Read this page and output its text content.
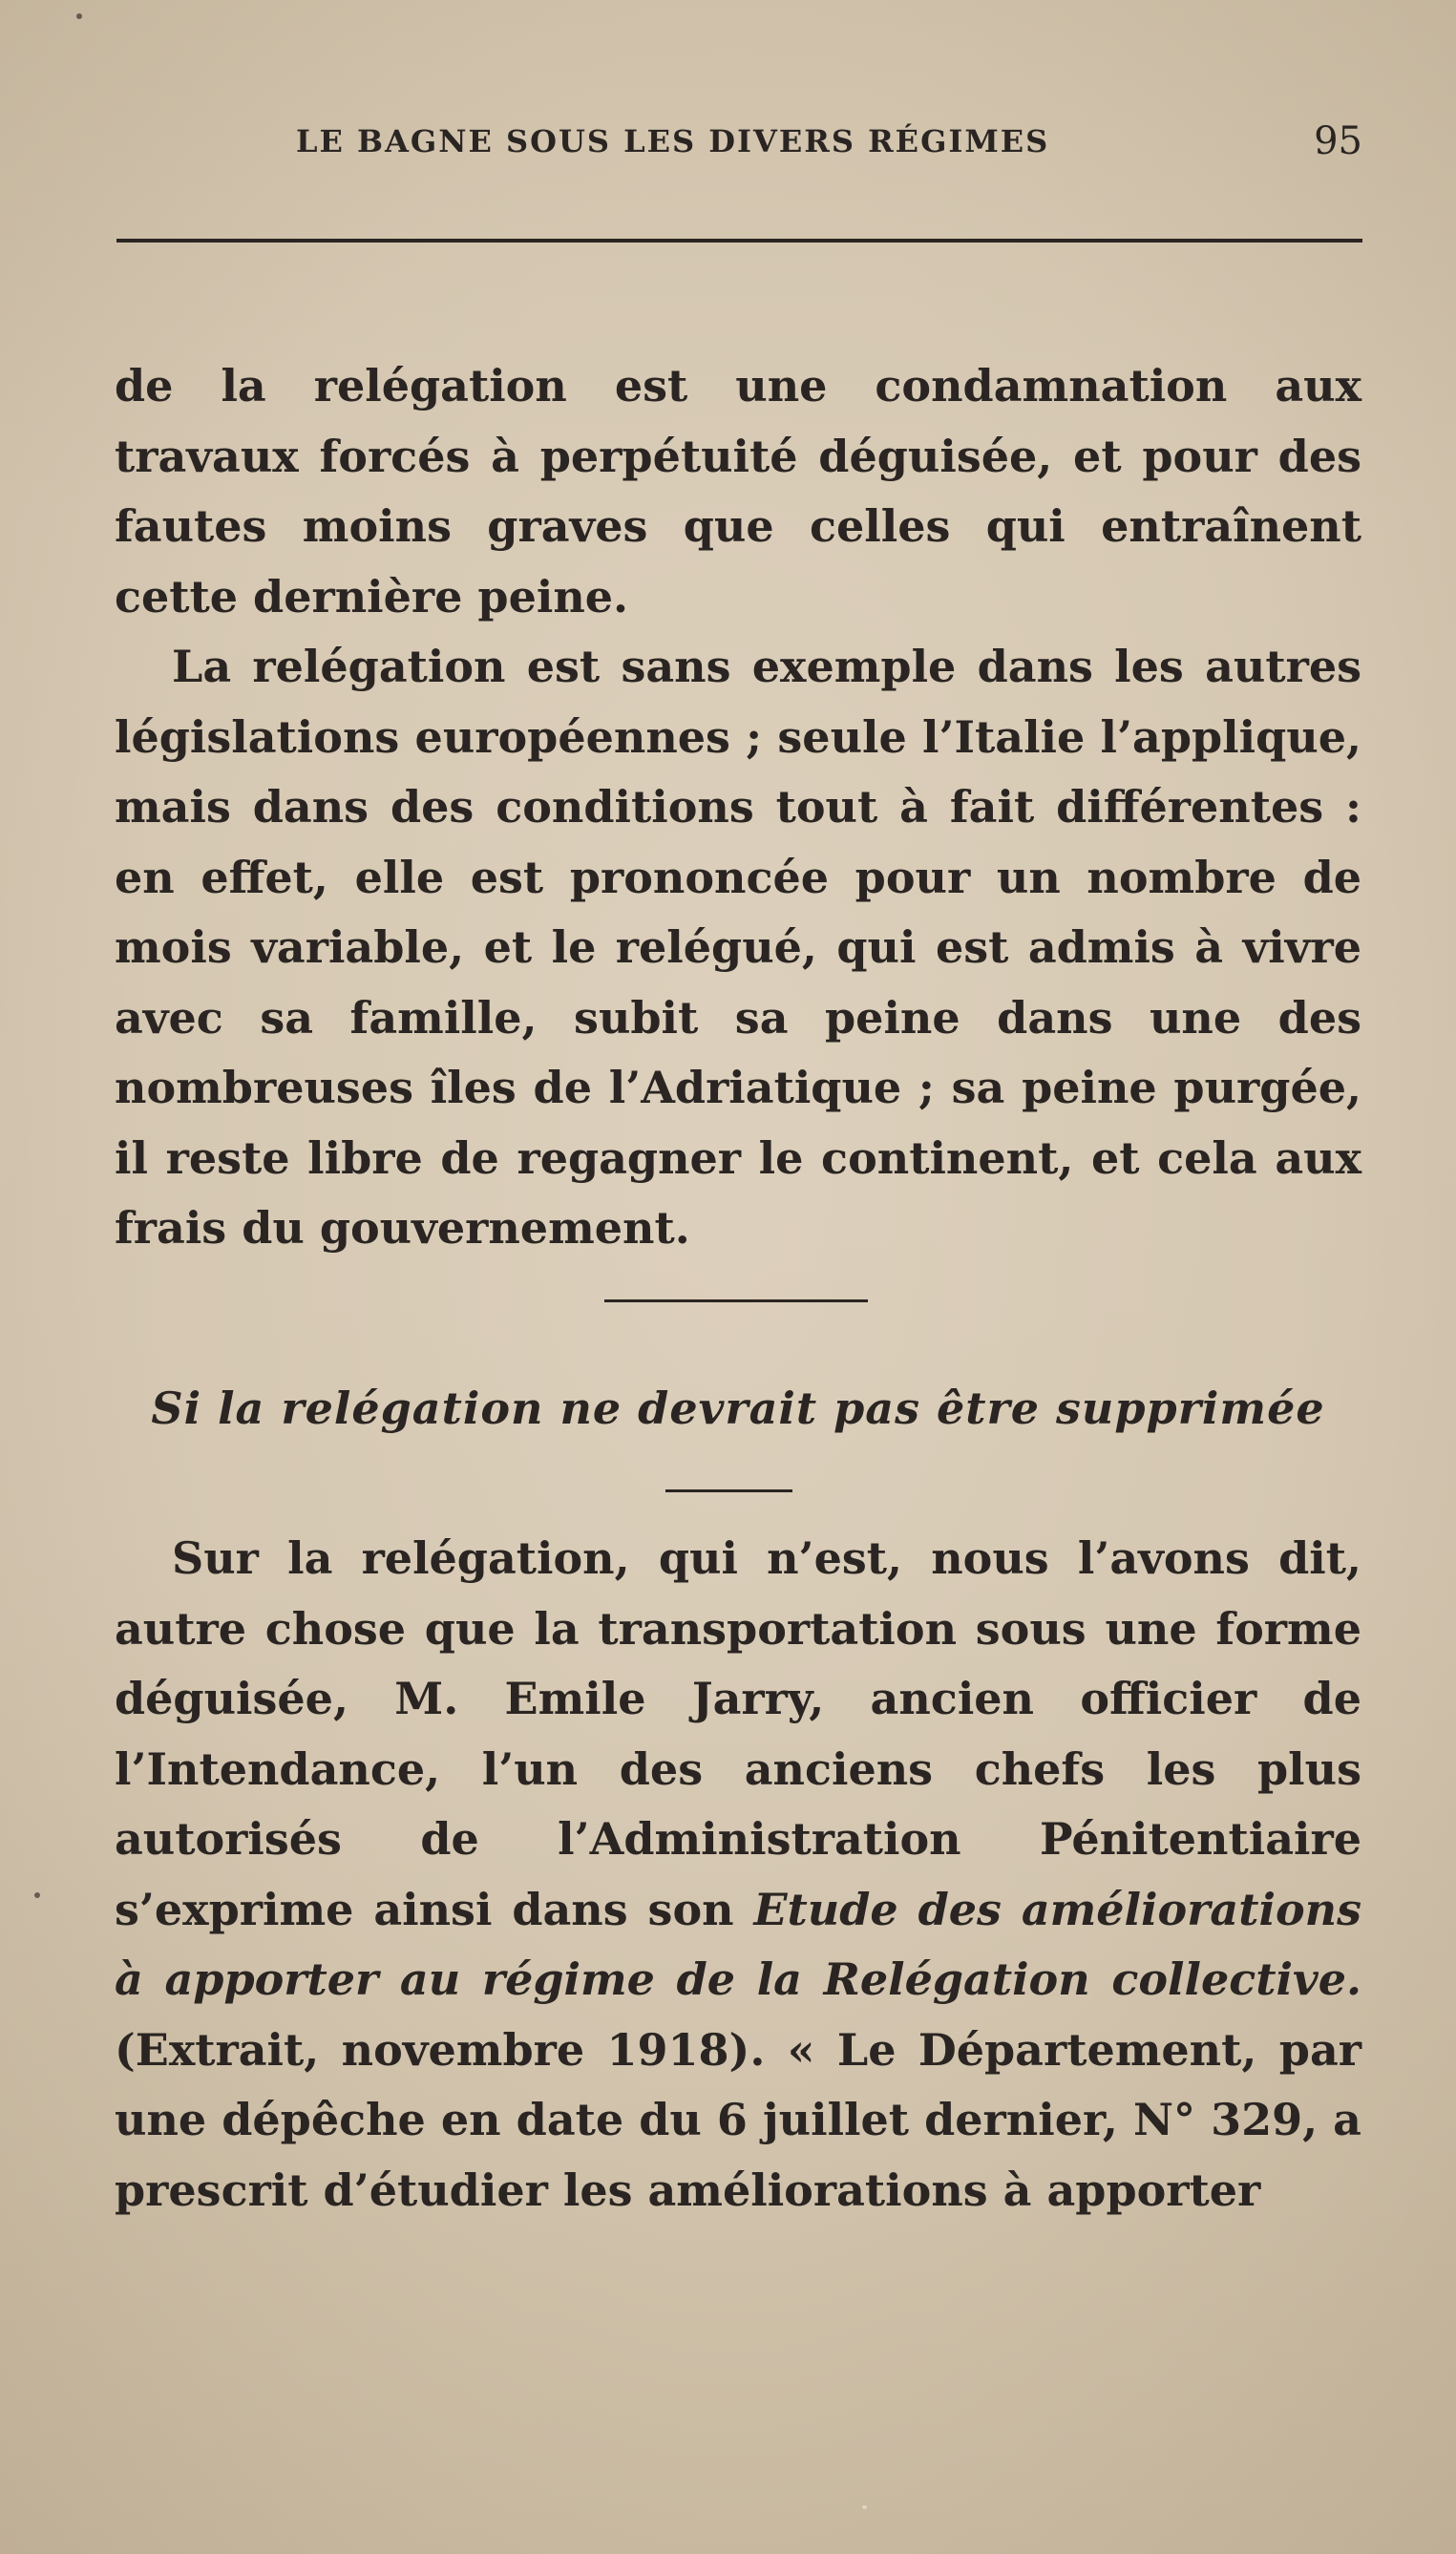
LE BAGNE SOUS LES DIVERS RÉGIMES	95

de la relégation est une condamnation aux travaux forcés à perpétuité déguisée, et pour des fautes moins graves que celles qui entraînent cette dernière peine.

La relégation est sans exemple dans les autres législations européennes ; seule l’Italie l’applique, mais dans des conditions tout à fait différentes : en effet, elle est prononcée pour un nombre de mois variable, et le relégué, qui est admis à vivre avec sa famille, subit sa peine dans une des nombreuses îles de l’Adriatique ; sa peine purgée, il reste libre de regagner le continent, et cela aux frais du gouvernement.

Si la relégation ne devrait pas être supprimée

Sur la relégation, qui n’est, nous l’avons dit, autre chose que la transportation sous une forme déguisée, M. Emile Jarry, ancien officier de l’Intendance, l’un des anciens chefs les plus autorisés de l’Administration Pénitentiaire s’exprime ainsi dans son Etude des améliorations à apporter au régime de la Relégation collective. (Extrait, novembre 1918). « Le Département, par une dépêche en date du 6 juillet dernier, N° 329, a prescrit d’étudier les améliorations à apporter
